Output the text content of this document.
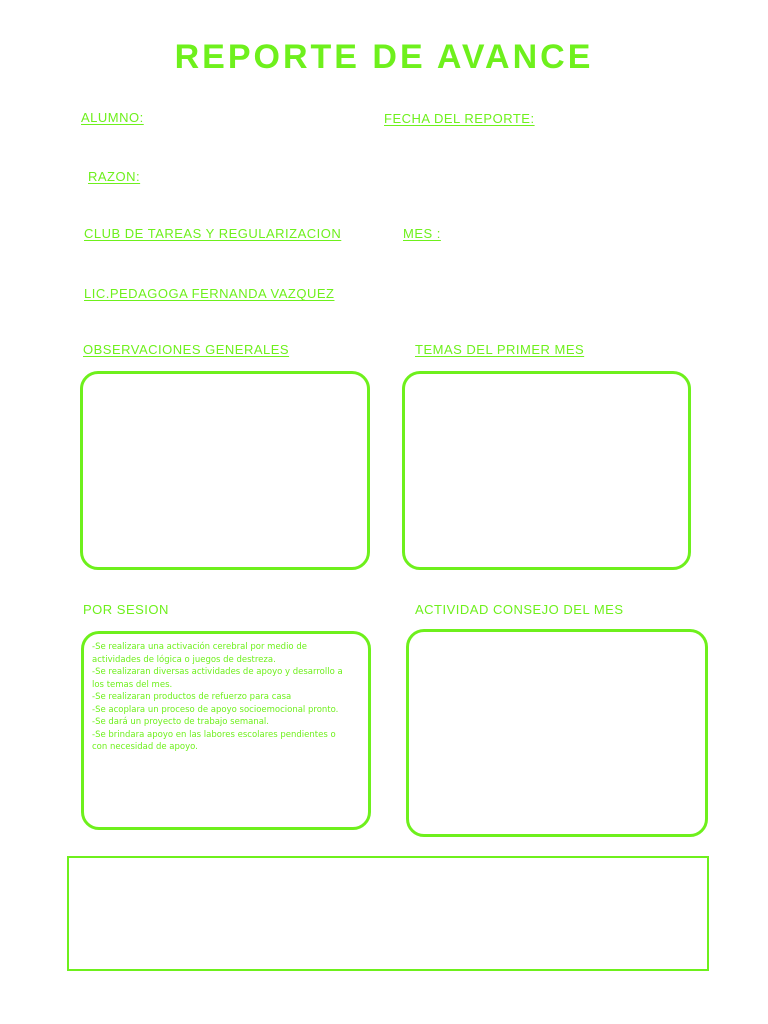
REPORTE DE AVANCE
ALUMNO:	FECHA DEL REPORTE:
RAZON:
CLUB DE TAREAS Y REGULARIZACION	MES :
LIC.PEDAGOGA FERNANDA VAZQUEZ
OBSERVACIONES GENERALES	TEMAS DEL PRIMER MES
POR SESION	ACTIVIDAD CONSEJO DEL MES
-Se realizara una activación cerebral por medio de actividades de lógica o juegos de destreza.
-Se realizaran diversas actividades de apoyo y desarrollo a los temas del mes.
-Se realizaran productos de refuerzo para casa
-Se acoplara un proceso de apoyo socioemocional pronto.
-Se dará un proyecto de trabajo semanal.
-Se brindara apoyo en las labores escolares pendientes o con necesidad de apoyo.
